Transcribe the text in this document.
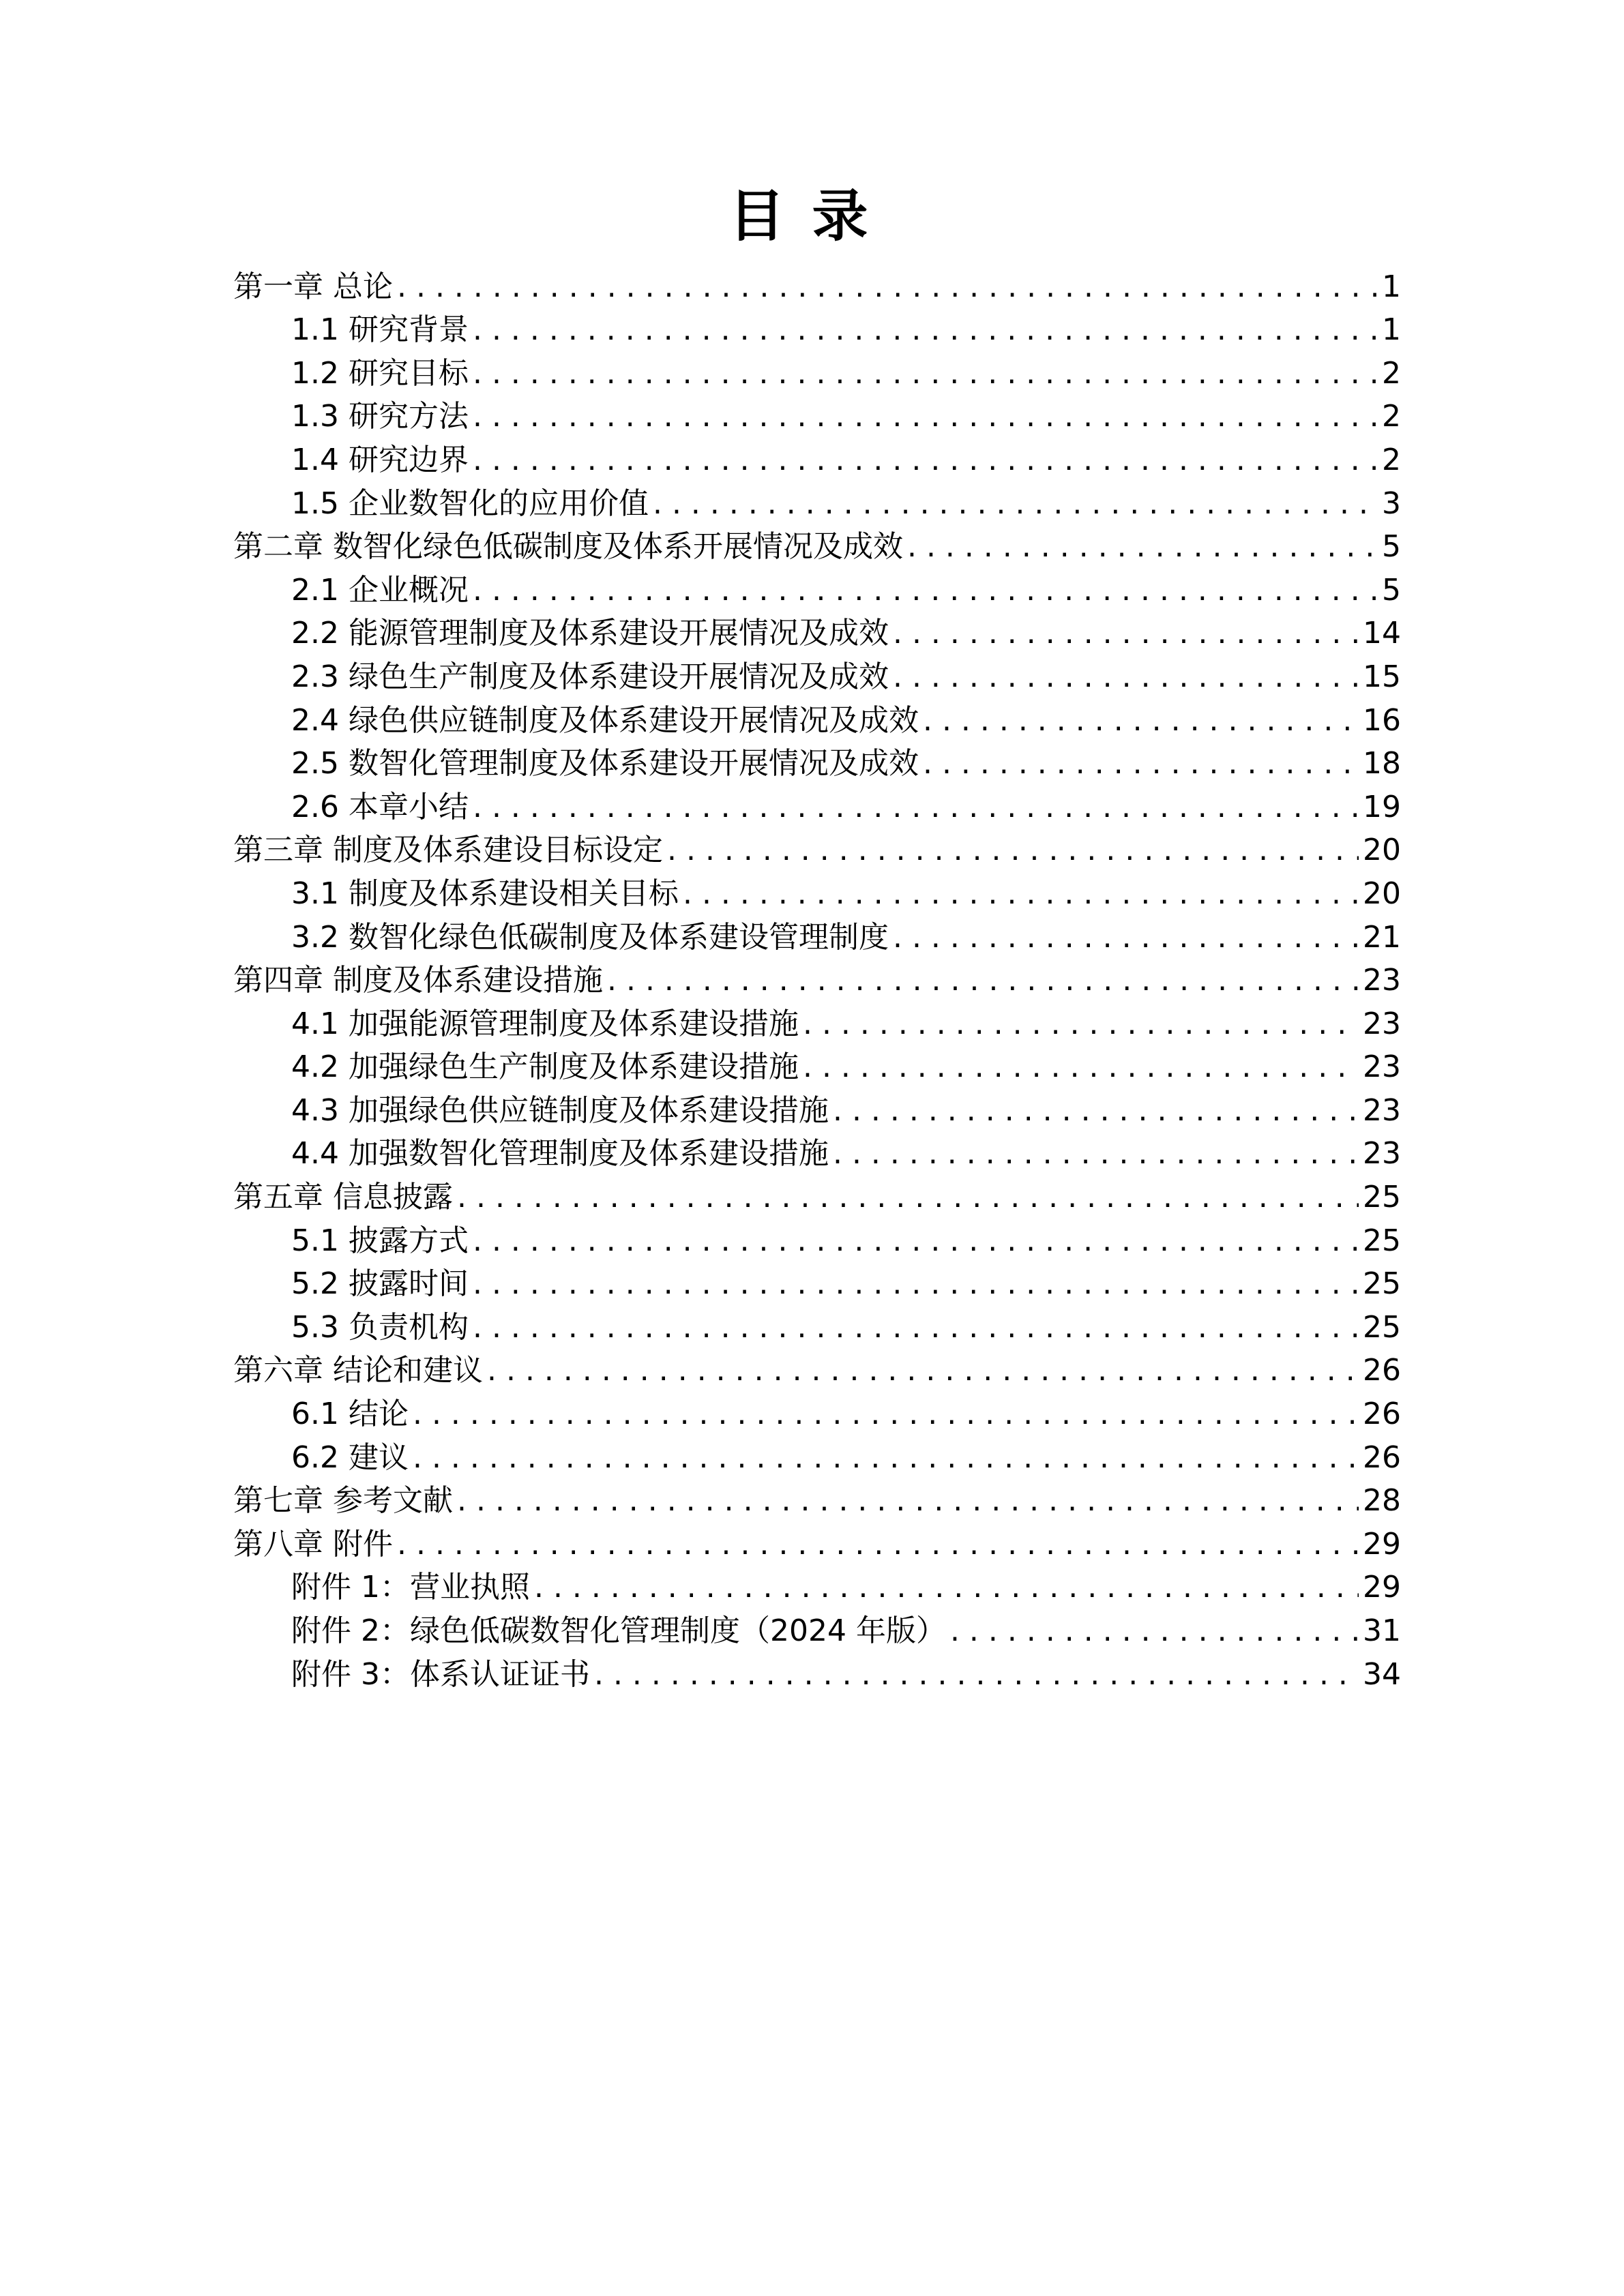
目录
第一章 总论 . . .	1
1.1 研究背景 . . .	1
1.2 研究目标 . . .	2
1.3 研究方法 . . .	2
1.4 研究边界 . . .	2
1.5 企业数智化的应用价值 . . .	3
第二章 数智化绿色低碳制度及体系开展情况及成效 . . .	5
2.1 企业概况 . . .	5
2.2 能源管理制度及体系建设开展情况及成效 . . .	14
2.3 绿色生产制度及体系建设开展情况及成效 . . .	15
2.4 绿色供应链制度及体系建设开展情况及成效 . . .	16
2.5 数智化管理制度及体系建设开展情况及成效 . . .	18
2.6 本章小结 . . .	19
第三章 制度及体系建设目标设定 . . .	20
3.1 制度及体系建设相关目标 . . .	20
3.2 数智化绿色低碳制度及体系建设管理制度 . . .	21
第四章 制度及体系建设措施 . . .	23
4.1 加强能源管理制度及体系建设措施 . . .	23
4.2 加强绿色生产制度及体系建设措施 . . .	23
4.3 加强绿色供应链制度及体系建设措施 . . .	23
4.4 加强数智化管理制度及体系建设措施 . . .	23
第五章 信息披露 . . .	25
5.1 披露方式 . . .	25
5.2 披露时间 . . .	25
5.3 负责机构 . . .	25
第六章 结论和建议 . . .	26
6.1 结论 . . .	26
6.2 建议 . . .	26
第七章 参考文献 . . .	28
第八章 附件 . . .	29
附件 1：营业执照 . . .	29
附件 2：绿色低碳数智化管理制度（2024 年版） . . .	31
附件 3：体系认证证书 . . .	34
